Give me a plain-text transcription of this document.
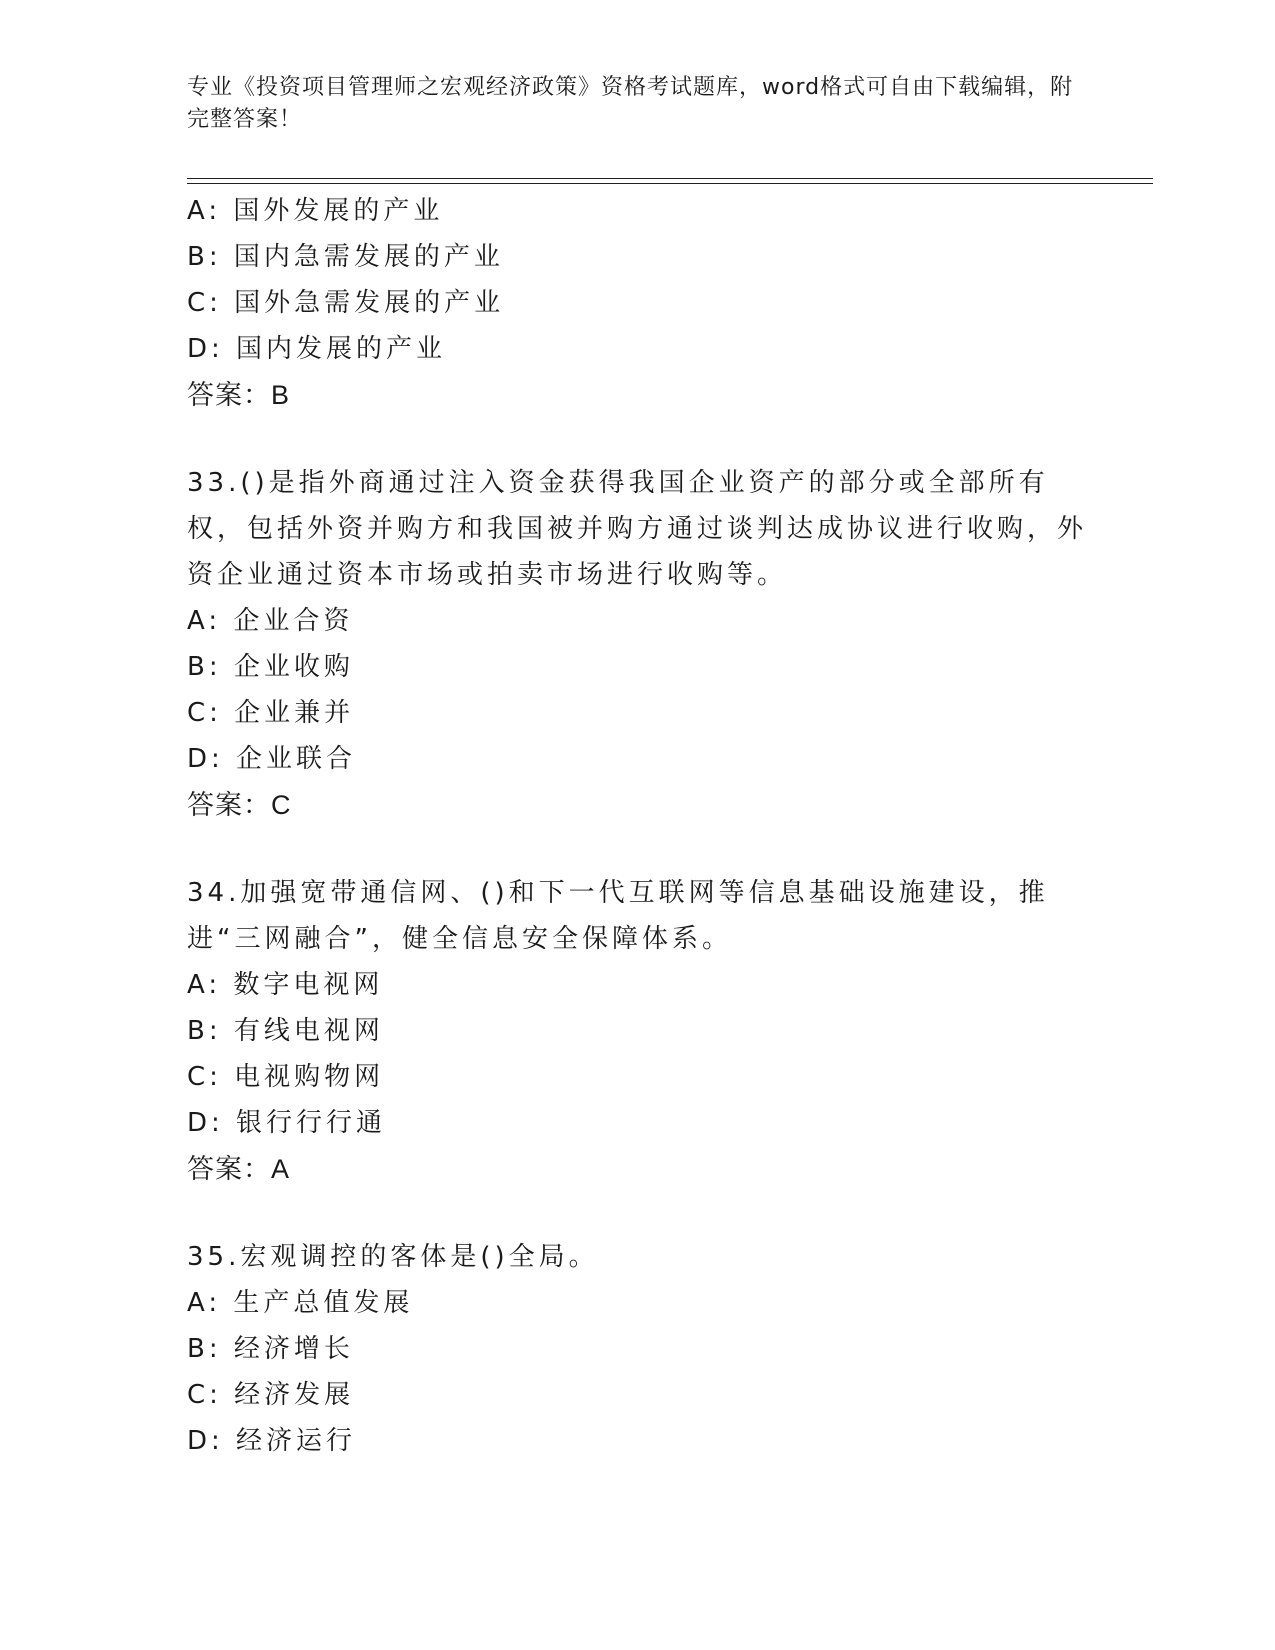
专业《投资项目管理师之宏观经济政策》资格考试题库，word格式可自由下载编辑，附完整答案！
A: 国外发展的产业
B: 国内急需发展的产业
C: 国外急需发展的产业
D: 国内发展的产业
答案：B
33.()是指外商通过注入资金获得我国企业资产的部分或全部所有权，包括外资并购方和我国被并购方通过谈判达成协议进行收购，外资企业通过资本市场或拍卖市场进行收购等。
A: 企业合资
B: 企业收购
C: 企业兼并
D: 企业联合
答案：C
34.加强宽带通信网、()和下一代互联网等信息基础设施建设，推进“三网融合”，健全信息安全保障体系。
A: 数字电视网
B: 有线电视网
C: 电视购物网
D: 银行行行通
答案：A
35.宏观调控的客体是()全局。
A: 生产总值发展
B: 经济增长
C: 经济发展
D: 经济运行
